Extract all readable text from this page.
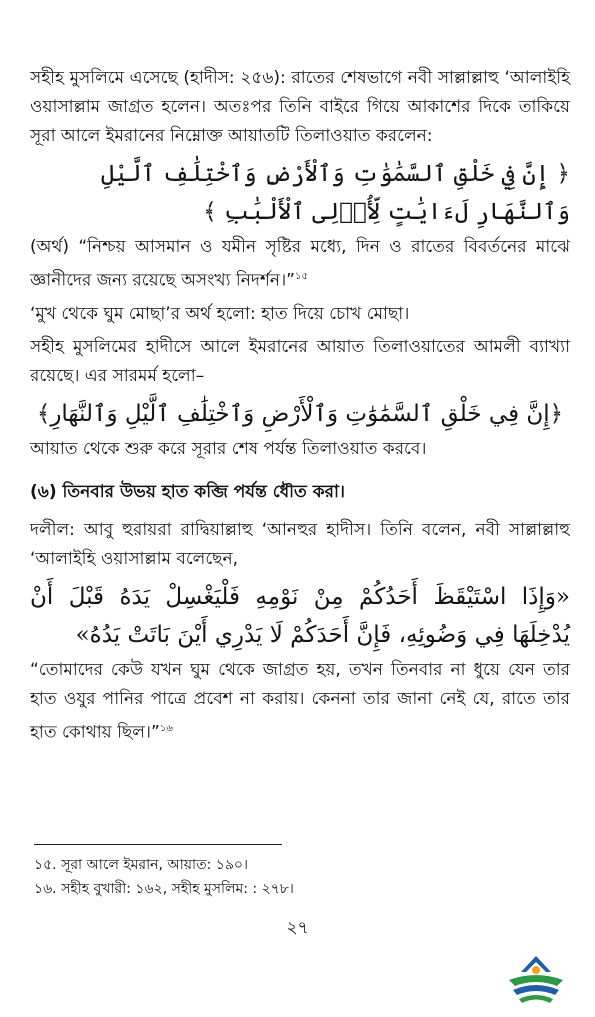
সহীহ মুসলিমে এসেছে (হাদীস: ২৫৬): রাতের শেষভাগে নবী সাল্লাল্লাহু ‘আলাইহি ওয়াসাল্লাম জাগ্রত হলেন। অতঃপর তিনি বাইরে গিয়ে আকাশের দিকে তাকিয়ে সূরা আলে ইমরানের নিম্নোক্ত আয়াতটি তিলাওয়াত করলেন:

﴿ إِنَّ فِي خَلْقِ ٱلسَّمَٰوَٰتِ وَٱلْأَرْضِ وَٱخْتِلَٰفِ ٱلَّيْلِ وَٱلنَّهَارِ لَءَايَٰتٍ لِّأُو۟لِى ٱلْأَلْبَٰبِ ﴾

(অর্থ) “নিশ্চয় আসমান ও যমীন সৃষ্টির মধ্যে, দিন ও রাতের বিবর্তনের মাঝে জ্ঞানীদের জন্য রয়েছে অসংখ্য নিদর্শন।”$^{১৫}$

‘মুখ থেকে ঘুম মোছা’র অর্থ হলো: হাত দিয়ে চোখ মোছা।

সহীহ মুসলিমের হাদীসে আলে ইমরানের আয়াত তিলাওয়াতের আমলী ব্যাখ্যা রয়েছে। এর সারমর্ম হলো–

﴿إِنَّ فِي خَلْقِ ٱلسَّمَٰوَٰتِ وَٱلْأَرْضِ وَٱخْتِلَٰفِ ٱلَّيْلِ وَٱلنَّهَارِ﴾

আয়াত থেকে শুরু করে সূরার শেষ পর্যন্ত তিলাওয়াত করবে।

(৬) তিনবার উভয় হাত কব্জি পর্যন্ত ধৌত করা।

দলীল: আবু হুরায়রা রাদ্বিয়াল্লাহু ‘আনহুর হাদীস। তিনি বলেন, নবী সাল্লাল্লাহু ‘আলাইহি ওয়াসাল্লাম বলেছেন,

«وَإِذَا اسْتَيْقَظَ أَحَدُكُمْ مِنْ نَوْمِهِ فَلْيَغْسِلْ يَدَهُ قَبْلَ أَنْ يُدْخِلَهَا فِي وَضُوئِهِ، فَإِنَّ أَحَدَكُمْ لَا يَدْرِي أَيْنَ بَاتَتْ يَدُهُ»

“তোমাদের কেউ যখন ঘুম থেকে জাগ্রত হয়, তখন তিনবার না ধুয়ে যেন তার হাত ওযুর পানির পাত্রে প্রবেশ না করায়। কেননা তার জানা নেই যে, রাতে তার হাত কোথায় ছিল।”$^{১৬}$

১৫. সূরা আলে ইমরান, আয়াত: ১৯০।
১৬. সহীহ বুখারী: ১৬২, সহীহ মুসলিম: : ২৭৮।
২৭
